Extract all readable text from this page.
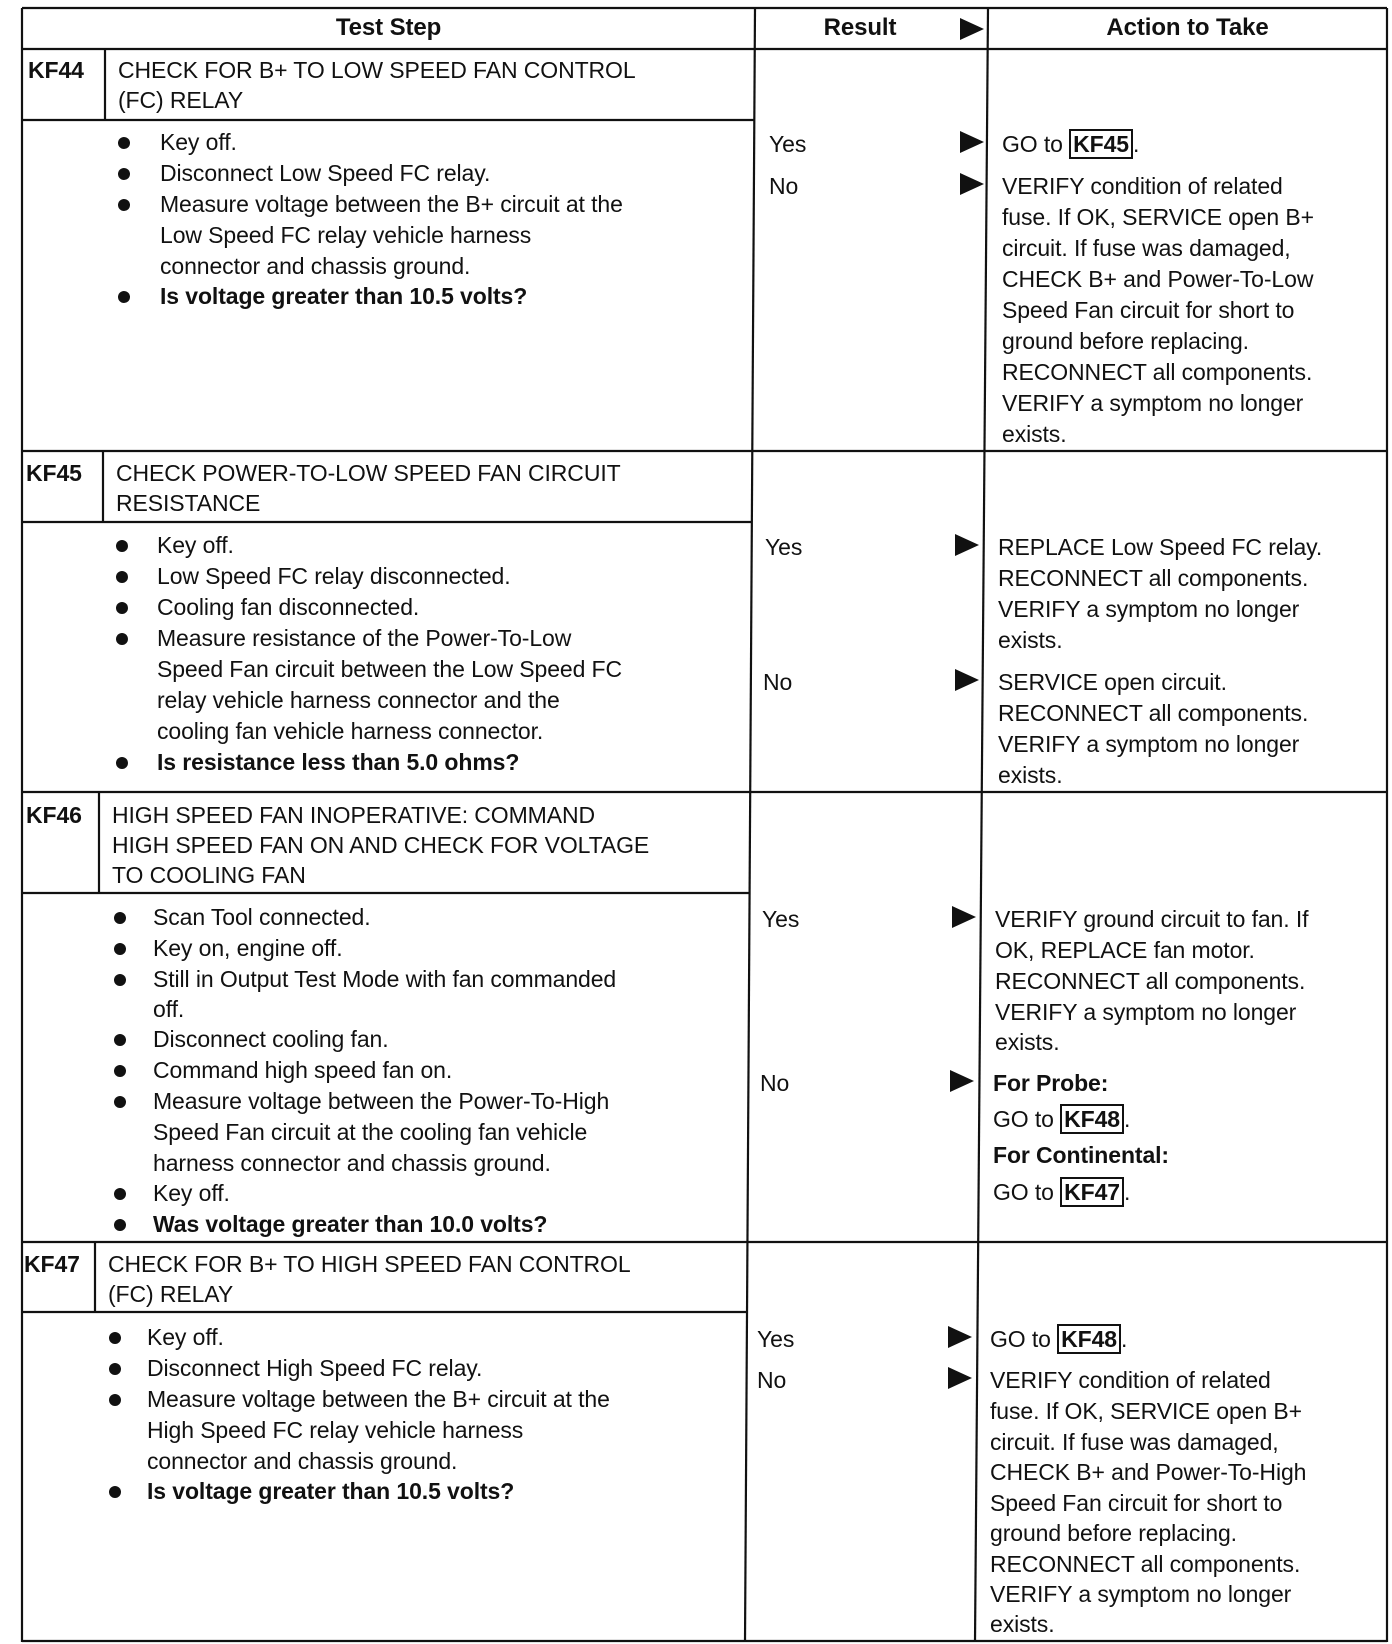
Test Step	Result	Action to Take
KF44 CHECK FOR B+ TO LOW SPEED FAN CONTROL
(FC) RELAY
Key off.
Disconnect Low Speed FC relay.
Measure voltage between the B+ circuit at the
Low Speed FC relay vehicle harness
connector and chassis ground.
Is voltage greater than 10.5 volts?
Yes	GO to KF45 .
No	VERIFY condition of related
fuse. If OK, SERVICE open B+
circuit. If fuse was damaged,
CHECK B+ and Power-To-Low
Speed Fan circuit for short to
ground before replacing.
RECONNECT all components.
VERIFY a symptom no longer
exists.
KF45 CHECK POWER-TO-LOW SPEED FAN CIRCUIT
RESISTANCE
Key off.
Low Speed FC relay disconnected.
Cooling fan disconnected.
Measure resistance of the Power-To-Low
Speed Fan circuit between the Low Speed FC
relay vehicle harness connector and the
cooling fan vehicle harness connector.
Is resistance less than 5.0 ohms?
Yes	REPLACE Low Speed FC relay.
RECONNECT all components.
VERIFY a symptom no longer
exists.
No	SERVICE open circuit.
RECONNECT all components.
VERIFY a symptom no longer
exists.
KF46 HIGH SPEED FAN INOPERATIVE: COMMAND
HIGH SPEED FAN ON AND CHECK FOR VOLTAGE
TO COOLING FAN
Scan Tool connected.
Key on, engine off.
Still in Output Test Mode with fan commanded
off.
Disconnect cooling fan.
Command high speed fan on.
Measure voltage between the Power-To-High
Speed Fan circuit at the cooling fan vehicle
harness connector and chassis ground.
Key off.
Was voltage greater than 10.0 volts?
Yes	VERIFY ground circuit to fan. If
OK, REPLACE fan motor.
RECONNECT all components.
VERIFY a symptom no longer
exists.
No	For Probe:
GO to KF48 .
For Continental:
GO to KF47 .
KF47 CHECK FOR B+ TO HIGH SPEED FAN CONTROL
(FC) RELAY
Key off.
Disconnect High Speed FC relay.
Measure voltage between the B+ circuit at the
High Speed FC relay vehicle harness
connector and chassis ground.
Is voltage greater than 10.5 volts?
Yes	GO to KF48 .
No	VERIFY condition of related
fuse. If OK, SERVICE open B+
circuit. If fuse was damaged,
CHECK B+ and Power-To-High
Speed Fan circuit for short to
ground before replacing.
RECONNECT all components.
VERIFY a symptom no longer
exists.
